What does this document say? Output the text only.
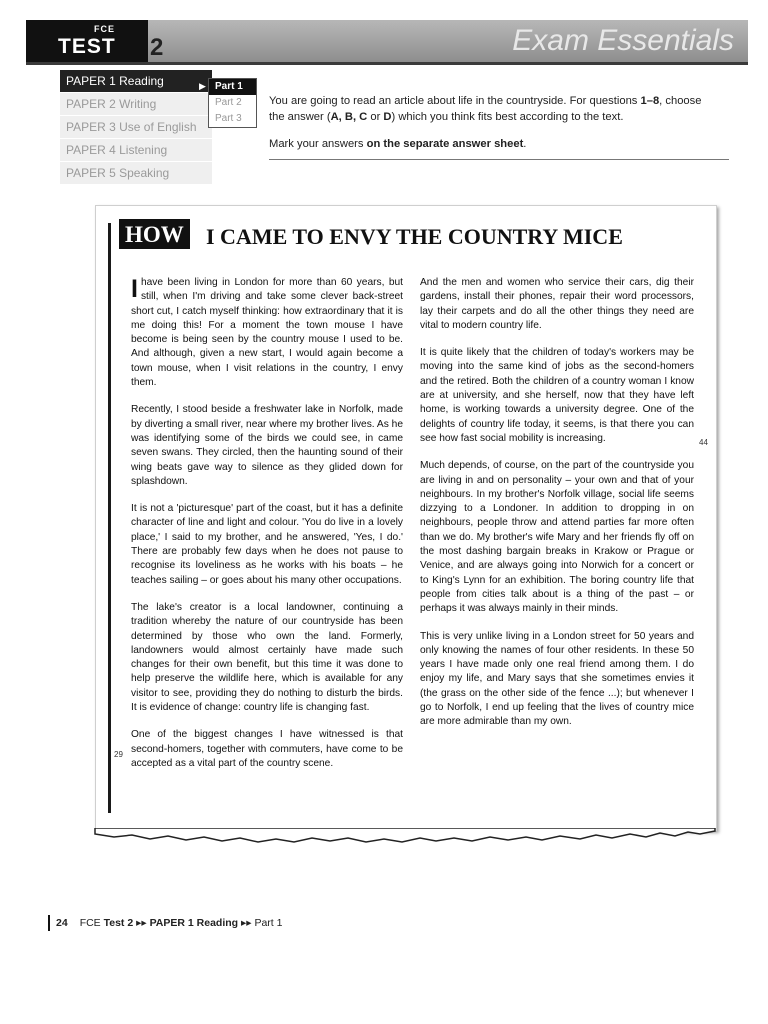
FCE
TEST 2	Exam Essentials
PAPER 1 Reading	▶
PAPER 2 Writing
PAPER 3 Use of English
PAPER 4 Listening
PAPER 5 Speaking
Part 1
Part 2
Part 3
You are going to read an article about life in the countryside. For questions 1–8, choose the answer (A, B, C or D) which you think fits best according to the text.
Mark your answers on the separate answer sheet.
HOW I CAME TO ENVY THE COUNTRY MICE

Ihave been living in London for more than 60 years, but still, when I'm driving and take some clever back-street short cut, I catch myself thinking: how extraordinary that it is me doing this! For a moment the town mouse I have become is being seen by the country mouse I used to be. And although, given a new start, I would again become a town mouse, when I visit relations in the country, I envy them.

Recently, I stood beside a freshwater lake in Norfolk, made by diverting a small river, near where my brother lives. As he was identifying some of the birds we could see, in came seven swans. They circled, then the haunting sound of their wing beats gave way to silence as they glided down for splashdown.

It is not a 'picturesque' part of the coast, but it has a definite character of line and light and colour. 'You do live in a lovely place,' I said to my brother, and he answered, 'Yes, I do.' There are probably few days when he does not pause to recognise its loveliness as he works with his boats – he teaches sailing – or goes about his many other occupations.

The lake's creator is a local landowner, continuing a tradition whereby the nature of our countryside has been determined by those who own the land. Formerly, landowners would almost certainly have made such changes for their own benefit, but this time it was done to help preserve the wildlife here, which is available for any visitor to see, providing they do nothing to disturb the birds. It is evidence of change: country life is changing fast.

One of the biggest changes I have witnessed is that second-homers, together with commuters, have come to be accepted as a vital part of the country scene.

And the men and women who service their cars, dig their gardens, install their phones, repair their word processors, lay their carpets and do all the other things they need are vital to modern country life.

It is quite likely that the children of today's workers may be moving into the same kind of jobs as the second-homers and the retired. Both the children of a country woman I know are at university, and she herself, now that they have left home, is working towards a university degree. One of the delights of country life today, it seems, is that there you can see how fast social mobility is increasing.

Much depends, of course, on the part of the countryside you are living in and on personality – your own and that of your neighbours. In my brother's Norfolk village, social life seems dizzying to a Londoner. In addition to dropping in on neighbours, people throw and attend parties far more often than we do. My brother's wife Mary and her friends fly off on the most dashing bargain breaks in Krakow or Prague or Venice, and are always going into Norwich for a concert or to King's Lynn for an exhibition. The boring country life that people from cities talk about is a thing of the past – or perhaps it was always mainly in their minds.

This is very unlike living in a London street for 50 years and only knowing the names of four other residents. In these 50 years I have made only one real friend among them. I do enjoy my life, and Mary says that she sometimes envies it (the grass on the other side of the fence ...); but whenever I go to Norfolk, I end up feeling that the lives of country mice are more admirable than my own.

29
44
24 FCE Test 2 ▸▸ PAPER 1 Reading ▸▸ Part 1
